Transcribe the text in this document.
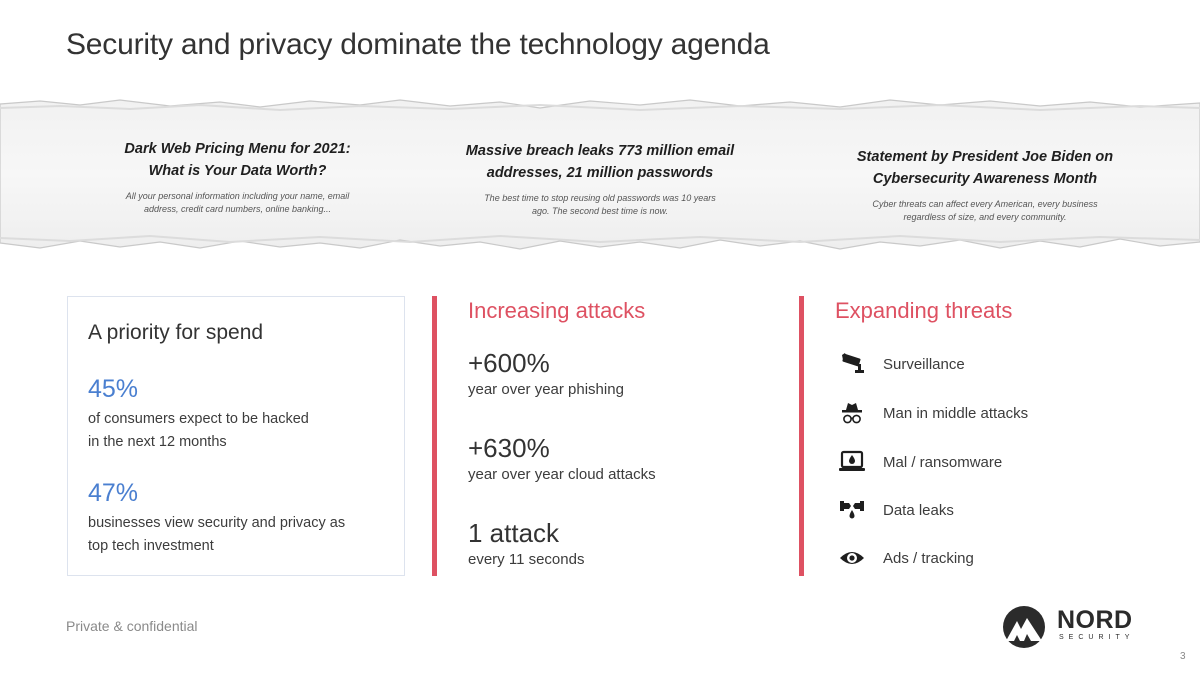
Security and privacy dominate the technology agenda
Dark Web Pricing Menu for 2021:
What is Your Data Worth?
All your personal information including your name, email
address, credit card numbers, online banking...
Massive breach leaks 773 million email
addresses, 21 million passwords
The best time to stop reusing old passwords was 10 years
ago. The second best time is now.
Statement by President Joe Biden on
Cybersecurity Awareness Month
Cyber threats can affect every American, every business
regardless of size, and every community.
A priority for spend
45%
of consumers expect to be hacked
in the next 12 months
47%
businesses view security and privacy as
top tech investment
Increasing attacks
+600%
year over year phishing
+630%
year over year cloud attacks
1 attack
every 11 seconds
Expanding threats
Surveillance
Man in middle attacks
Mal / ransomware
Data leaks
Ads / tracking
Private & confidential	NORD
SECURITY
3
